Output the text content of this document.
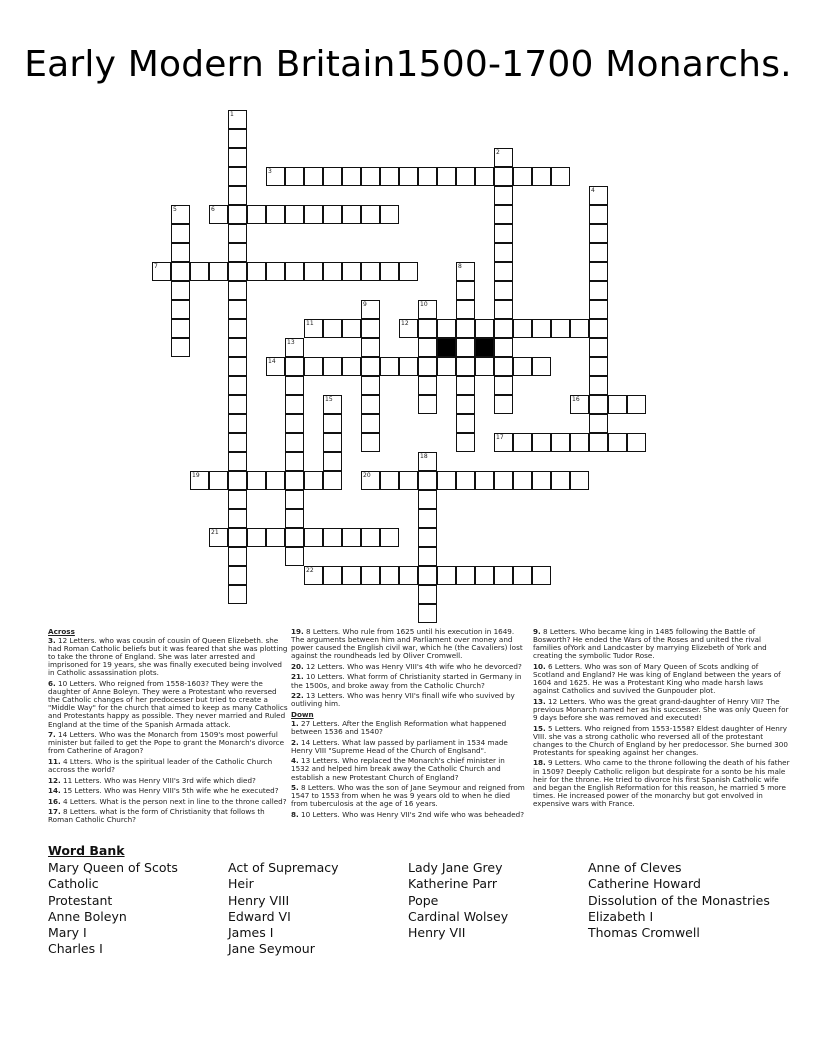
Early Modern Britain1500-1700 Monarchs.
1
2
3
4
5	6
7	8
9	10
11	12
13
14
15	16
17
18
19	20
21
22
Across
3. 12 Letters. who was cousin of cousin of Queen Elizebeth. she had Roman Catholic beliefs but it was feared that she was plotting to take the throne of England. She was later arrested and imprisoned for 19 years, she was finally executed being involved in Catholic assassination plots.
6. 10 Letters. Who reigned from 1558-1603? They were the daughter of Anne Boleyn. They were a Protestant who reversed the Catholic changes of her predocesser but tried to create a "Middle Way" for the church that aimed to keep as many Catholics and Protestants happy as possible. They never married and Ruled England at the time of the Spanish Armada attack.
7. 14 Letters. Who was the Monarch from 1509's most powerful minister but failed to get the Pope to grant the Monarch's divorce from Catherine of Aragon?
11. 4 Ltters. Who is the spiritual leader of the Catholic Church accross the world?
12. 11 Letters. Who was Henry VIII's 3rd wife which died?
14. 15 Letters. Who was Henry VIII's 5th wife whe he executed?
16. 4 Letters. What is the person next in line to the throne called?
17. 8 Letters. what is the form of Christianity that follows th Roman Catholic Church?
19. 8 Letters. Who rule from 1625 until his execution in 1649. The arguments between him and Parliament over money and power caused the English civil war, which he (the Cavaliers) lost against the roundheads led by Oliver Cromwell.
20. 12 Letters. Who was Henry VIII's 4th wife who he devorced?
21. 10 Letters. What forrm of Christianity started in Germany in the 1500s, and broke away from the Catholic Church?
22. 13 Letters. Who was henry VII's finall wife who suvived by outliving him.
Down
1. 27 Letters. After the English Reformation what happened between 1536 and 1540?
2. 14 Letters. What law passed by parliament in 1534 made Henry VIII "Supreme Head of the Church of Englsand".
4. 13 Letters. Who replaced the Monarch's chief minister in 1532 and helped him break away the Catholic Church and establish a new Protestant Church of England?
5. 8 Letters. Who was the son of Jane Seymour and reigned from 1547 to 1553 from when he was 9 years old to when he died from tuberculosis at the age of 16 years.
8. 10 Letters. Who was Henry VII's 2nd wife who was beheaded?
9. 8 Letters. Who became king in 1485 following the Battle of Bosworth? He ended the Wars of the Roses and united the rival families ofYork and Landcaster by marrying Elizebeth of York and creating the symbolic Tudor Rose.
10. 6 Letters. Who was son of Mary Queen of Scots andking of Scotland and England? He was king of England between the years of 1604 and 1625. He was a Protestant King who made harsh laws against Catholics and suvived the Gunpouder plot.
13. 12 Letters. Who was the great grand-daughter of Henry VII? The previous Monarch named her as his successer. She was only Queen for 9 days before she was removed and executed!
15. 5 Letters. Who reigned from 1553-1558? Eldest daughter of Henry VIII. she vas a strong catholic who reversed all of the protestant changes to the Church of England by her predocessor. She burned 300 Protestants for speaking against her changes.
18. 9 Letters. Who came to the throne following the death of his father in 1509? Deeply Catholic religon but despirate for a sonto be his male heir for the throne. He tried to divorce his first Spanish Catholic wife and began the English Reformation for this reason, he married 5 more times. He increased power of the monarchy but got envolved in expensive wars with France.
Word Bank
Mary Queen of Scots
Catholic
Protestant
Anne Boleyn
Mary I
Charles I
Act of Supremacy
Heir
Henry VIII
Edward VI
James I
Jane Seymour
Lady Jane Grey
Katherine Parr
Pope
Cardinal Wolsey
Henry VII
Anne of Cleves
Catherine Howard
Dissolution of the Monastries
Elizabeth I
Thomas Cromwell
